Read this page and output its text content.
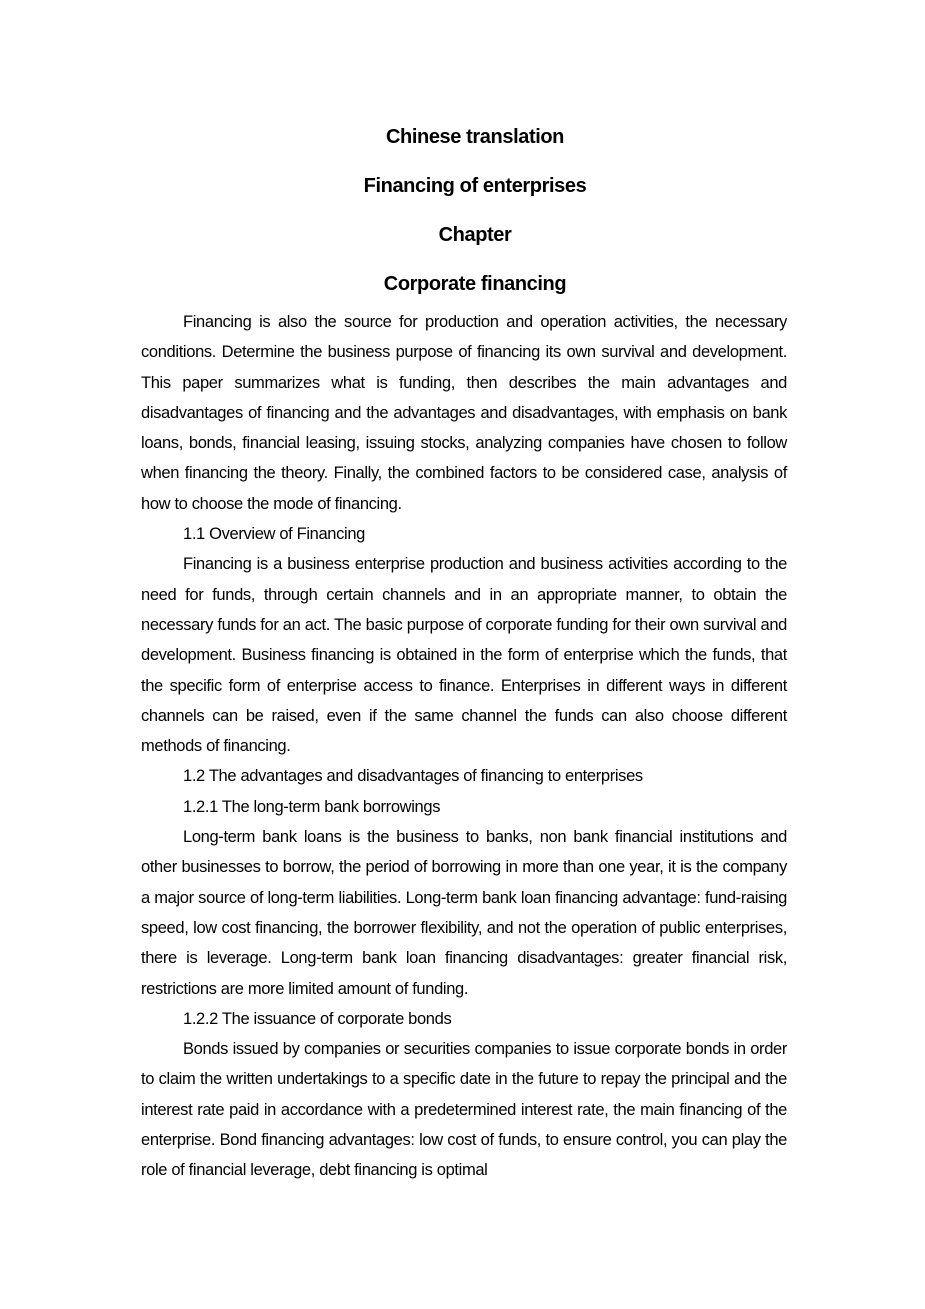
Chinese translation
Financing of enterprises
Chapter
Corporate financing

Financing is also the source for production and operation activities, the necessary conditions. Determine the business purpose of financing its own survival and development. This paper summarizes what is funding, then describes the main advantages and disadvantages of financing and the advantages and disadvantages, with emphasis on bank loans, bonds, financial leasing, issuing stocks, analyzing companies have chosen to follow when financing the theory. Finally, the combined factors to be considered case, analysis of how to choose the mode of financing.

1.1 Overview of Financing

Financing is a business enterprise production and business activities according to the need for funds, through certain channels and in an appropriate manner, to obtain the necessary funds for an act. The basic purpose of corporate funding for their own survival and development. Business financing is obtained in the form of enterprise which the funds, that the specific form of enterprise access to finance. Enterprises in different ways in different channels can be raised, even if the same channel the funds can also choose different methods of financing.

1.2 The advantages and disadvantages of financing to enterprises

1.2.1 The long-term bank borrowings

Long-term bank loans is the business to banks, non bank financial institutions and other businesses to borrow, the period of borrowing in more than one year, it is the company a major source of long-term liabilities. Long-term bank loan financing advantage: fund-raising speed, low cost financing, the borrower flexibility, and not the operation of public enterprises, there is leverage. Long-term bank loan financing disadvantages: greater financial risk, restrictions are more limited amount of funding.

1.2.2 The issuance of corporate bonds

Bonds issued by companies or securities companies to issue corporate bonds in order to claim the written undertakings to a specific date in the future to repay the principal and the interest rate paid in accordance with a predetermined interest rate, the main financing of the enterprise. Bond financing advantages: low cost of funds, to ensure control, you can play the role of financial leverage, debt financing is optimal
